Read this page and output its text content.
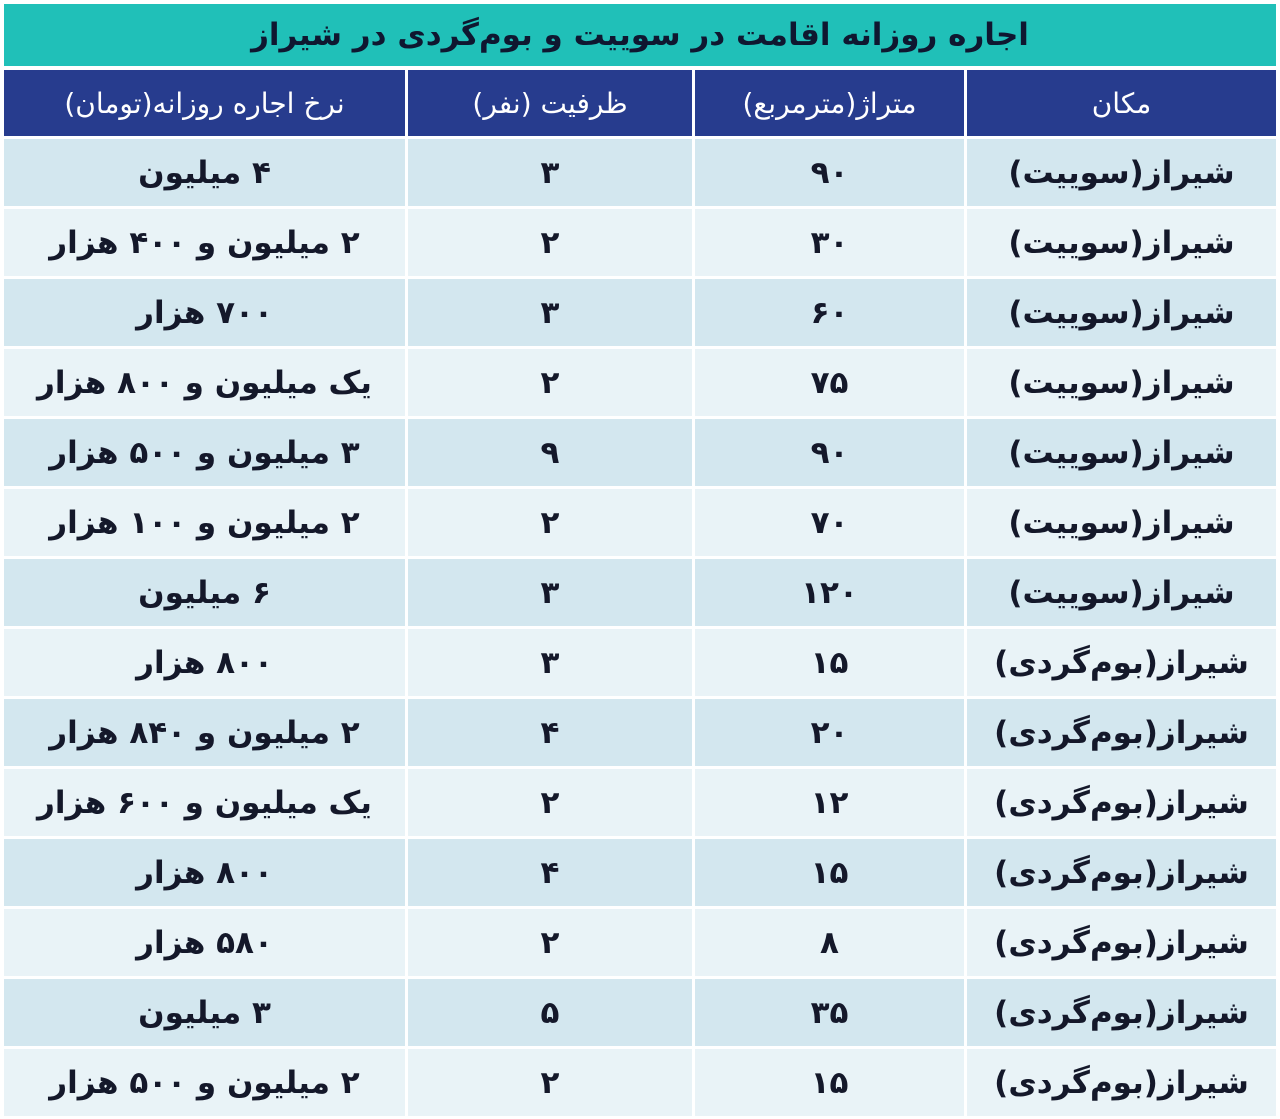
اجاره روزانه اقامت در سوییت و بوم‌گردی در شیراز
مکان	متراژ(مترمربع)	ظرفیت (نفر)	نرخ اجاره روزانه(تومان)
شیراز(سوییت)	۹۰	۳	۴ میلیون
شیراز(سوییت)	۳۰	۲	۲ میلیون و ۴۰۰ هزار
شیراز(سوییت)	۶۰	۳	۷۰۰ هزار
شیراز(سوییت)	۷۵	۲	یک میلیون و ۸۰۰ هزار
شیراز(سوییت)	۹۰	۹	۳ میلیون و ۵۰۰ هزار
شیراز(سوییت)	۷۰	۲	۲ میلیون و ۱۰۰ هزار
شیراز(سوییت)	۱۲۰	۳	۶ میلیون
شیراز(بوم‌گردی)	۱۵	۳	۸۰۰ هزار
شیراز(بوم‌گردی)	۲۰	۴	۲ میلیون و ۸۴۰ هزار
شیراز(بوم‌گردی)	۱۲	۲	یک میلیون و ۶۰۰ هزار
شیراز(بوم‌گردی)	۱۵	۴	۸۰۰ هزار
شیراز(بوم‌گردی)	۸	۲	۵۸۰ هزار
شیراز(بوم‌گردی)	۳۵	۵	۳ میلیون
شیراز(بوم‌گردی)	۱۵	۲	۲ میلیون و ۵۰۰ هزار
